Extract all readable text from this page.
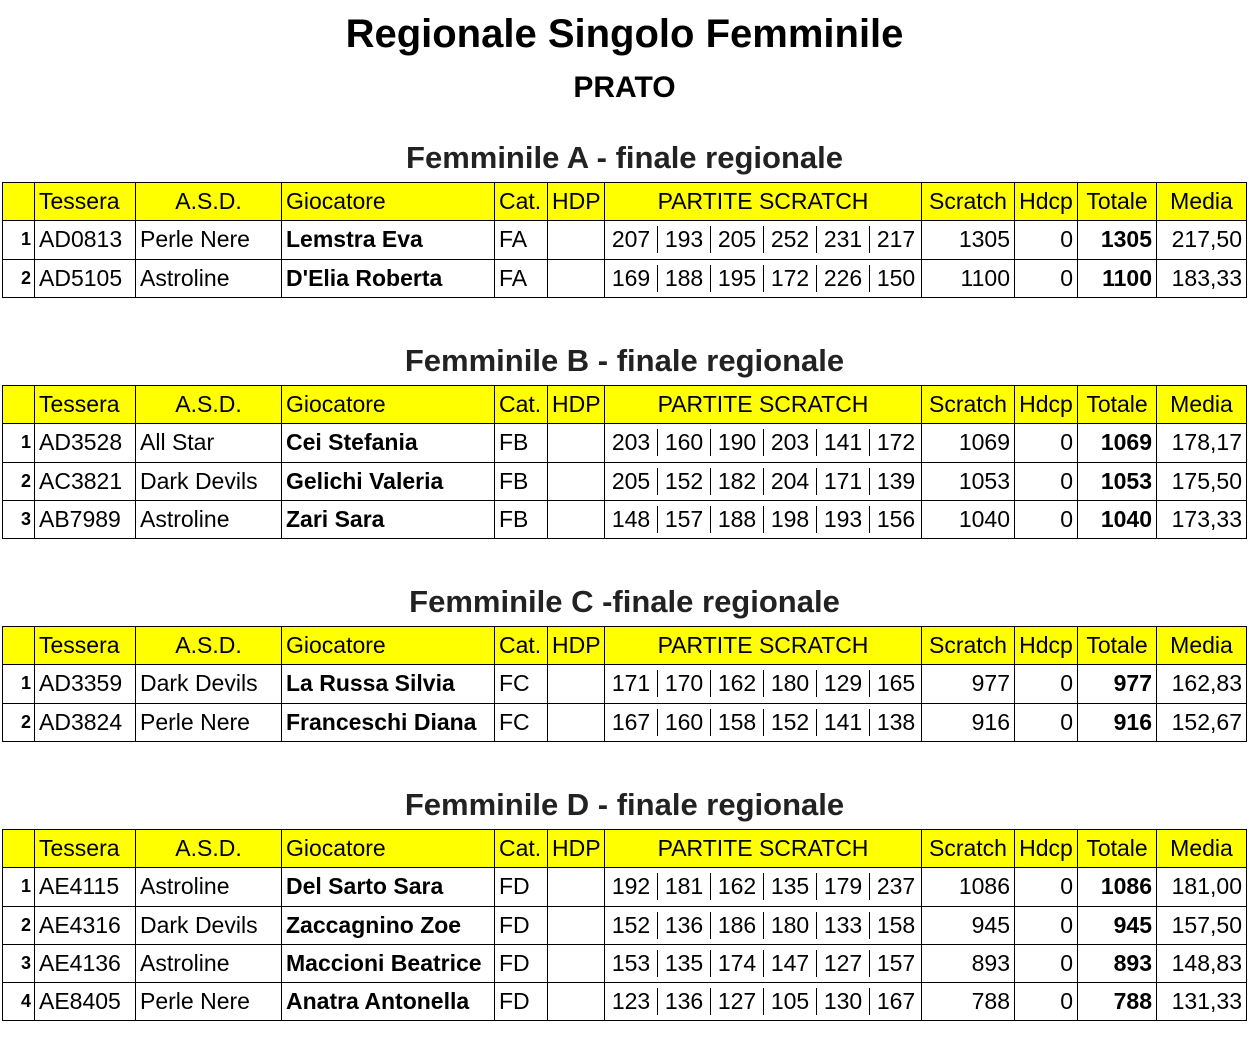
Regionale Singolo Femminile
PRATO
Femminile A - finale regionale
	Tessera	A.S.D.	Giocatore	Cat.	HDP	PARTITE SCRATCH	Scratch	Hdcp	Totale	Media
1	AD0813	Perle Nere	Lemstra Eva	FA		207 193 205 252 231 217	1305	0	1305	217,50
2	AD5105	Astroline	D'Elia Roberta	FA		169 188 195 172 226 150	1100	0	1100	183,33
Femminile B - finale regionale
	Tessera	A.S.D.	Giocatore	Cat.	HDP	PARTITE SCRATCH	Scratch	Hdcp	Totale	Media
1	AD3528	All Star	Cei Stefania	FB		203 160 190 203 141 172	1069	0	1069	178,17
2	AC3821	Dark Devils	Gelichi Valeria	FB		205 152 182 204 171 139	1053	0	1053	175,50
3	AB7989	Astroline	Zari Sara	FB		148 157 188 198 193 156	1040	0	1040	173,33
Femminile C -finale regionale
	Tessera	A.S.D.	Giocatore	Cat.	HDP	PARTITE SCRATCH	Scratch	Hdcp	Totale	Media
1	AD3359	Dark Devils	La Russa Silvia	FC		171 170 162 180 129 165	977	0	977	162,83
2	AD3824	Perle Nere	Franceschi Diana	FC		167 160 158 152 141 138	916	0	916	152,67
Femminile D - finale regionale
	Tessera	A.S.D.	Giocatore	Cat.	HDP	PARTITE SCRATCH	Scratch	Hdcp	Totale	Media
1	AE4115	Astroline	Del Sarto Sara	FD		192 181 162 135 179 237	1086	0	1086	181,00
2	AE4316	Dark Devils	Zaccagnino Zoe	FD		152 136 186 180 133 158	945	0	945	157,50
3	AE4136	Astroline	Maccioni Beatrice	FD		153 135 174 147 127 157	893	0	893	148,83
4	AE8405	Perle Nere	Anatra Antonella	FD		123 136 127 105 130 167	788	0	788	131,33
